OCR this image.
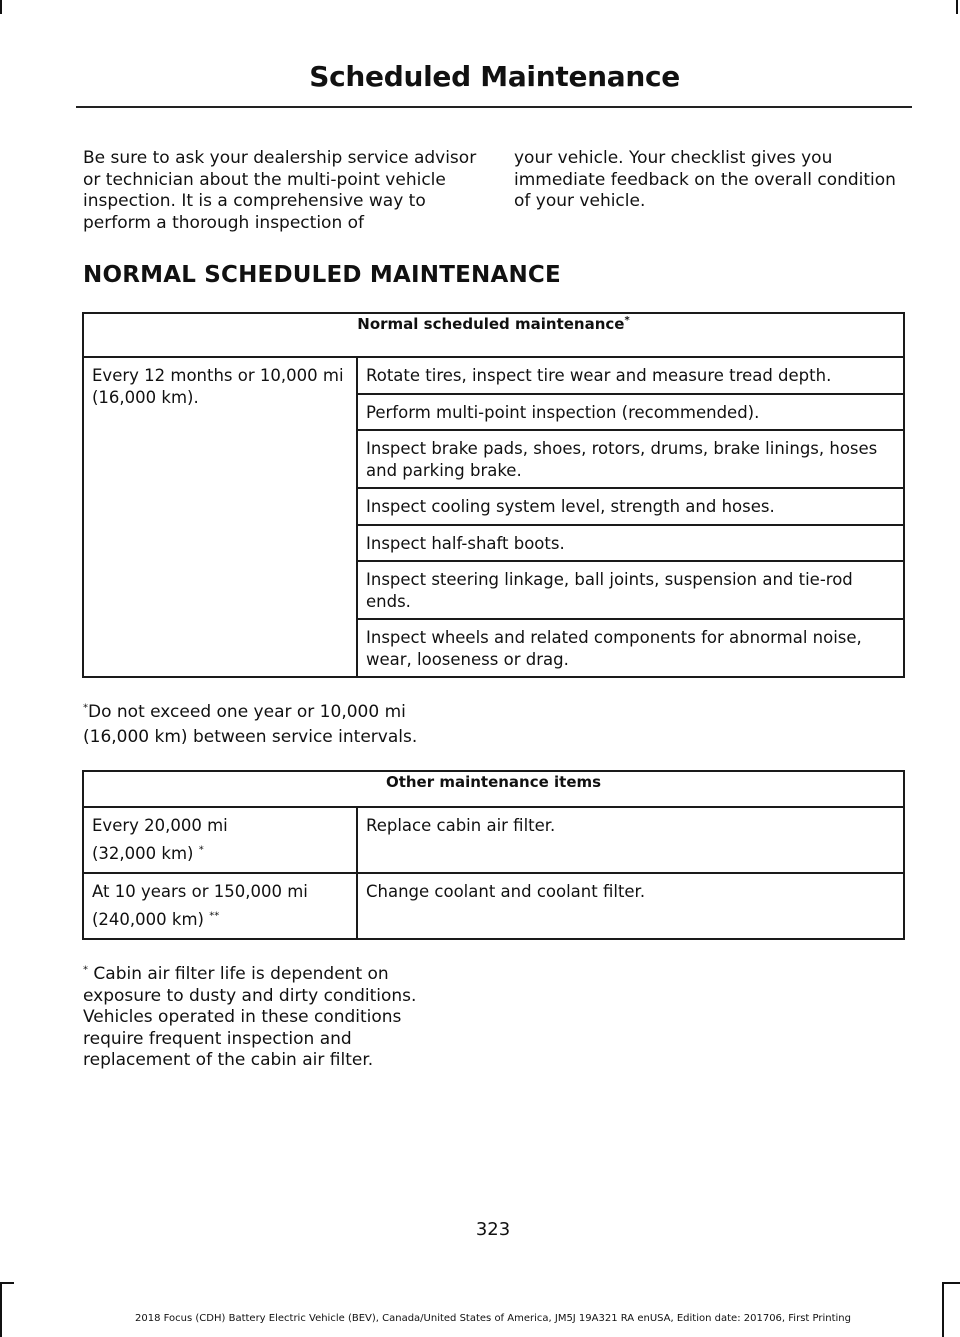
Scheduled Maintenance
Be sure to ask your dealership service advisor or technician about the multi-point vehicle inspection. It is a comprehensive way to perform a thorough inspection of
your vehicle. Your checklist gives you immediate feedback on the overall condition of your vehicle.
NORMAL SCHEDULED MAINTENANCE
Normal scheduled maintenance*
Every 12 months or 10,000 mi (16,000 km).	Rotate tires, inspect tire wear and measure tread depth.
Perform multi-point inspection (recommended).
Inspect brake pads, shoes, rotors, drums, brake linings, hoses and parking brake.
Inspect cooling system level, strength and hoses.
Inspect half-shaft boots.
Inspect steering linkage, ball joints, suspension and tie-rod ends.
Inspect wheels and related components for abnormal noise, wear, looseness or drag.
*Do not exceed one year or 10,000 mi
(16,000 km) between service intervals.
Other maintenance items	
Every 20,000 mi
(32,000 km) *	Replace cabin air filter.
At 10 years or 150,000 mi
(240,000 km) **	Change coolant and coolant filter.
* Cabin air filter life is dependent on exposure to dusty and dirty conditions. Vehicles operated in these conditions require frequent inspection and replacement of the cabin air filter.
323
2018 Focus (CDH) Battery Electric Vehicle (BEV), Canada/United States of America, JM5J 19A321 RA enUSA, Edition date: 201706, First Printing
